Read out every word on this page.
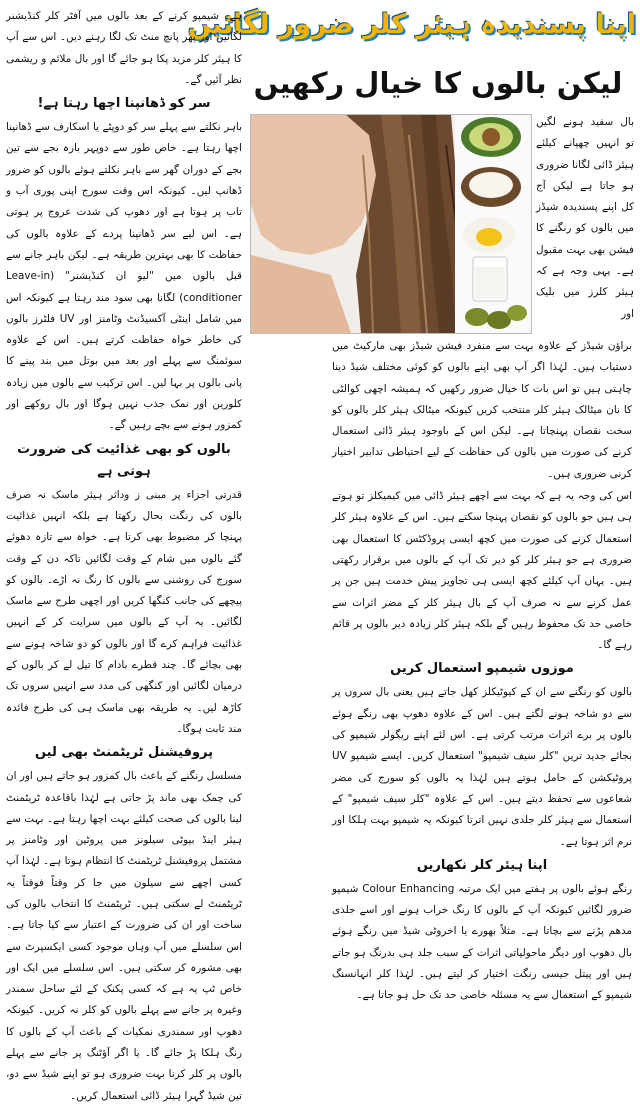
اپنا پسندیدہ ہیئر کلر ضرور لگائیں
لیکن بالوں کا خیال رکھیں
بال سفید ہونے لگیں تو انہیں چھپانے کیلئے ہیئر ڈائی لگانا ضروری ہو جاتا ہے لیکن آج کل اپنے پسندیدہ شیڈز میں بالوں کو رنگنے کا فیشن بھی بہت مقبول ہے۔ یہی وجہ ہے کہ ہیئر کلرز میں بلیک اور

براؤن شیڈز کے علاوہ بہت سے منفرد فیشن شیڈز بھی مارکیٹ میں دستیاب ہیں۔ لہٰذا اگر آپ بھی اپنے بالوں کو کوئی مختلف شیڈ دینا چاہتی ہیں تو اس بات کا خیال ضرور رکھیں کہ ہمیشہ اچھی کوالٹی کا نان میٹالک ہیئر کلر منتخب کریں کیونکہ میٹالک ہیئر کلر بالوں کو سخت نقصان پہنچاتا ہے۔ لیکن اس کے باوجود ہیئر ڈائی استعمال کرنے کی صورت میں بالوں کی حفاظت کے لیے احتیاطی تدابیر اختیار کرنی ضروری ہیں۔

اس کی وجہ یہ ہے کہ بہت سے اچھے ہیئر ڈائی میں کیمیکلز تو ہوتے ہی ہیں جو بالوں کو نقصان پہنچا سکتے ہیں۔ اس کے علاوہ ہیئر کلر استعمال کرنے کی صورت میں کچھ ایسی پروڈکٹس کا استعمال بھی ضروری ہے جو ہیئر کلر کو دیر تک آپ کے بالوں میں برقرار رکھتی ہیں۔ یہاں آپ کیلئے کچھ ایسی ہی تجاویز پیش خدمت ہیں جن پر عمل کرنے سے نہ صرف آپ کے بال ہیئر کلر کے مضر اثرات سے خاصی حد تک محفوظ رہیں گے بلکہ ہیئر کلر زیادہ دیر بالوں پر قائم رہے گا۔

موزوں شیمپو استعمال کریں

بالوں کو رنگنے سے ان کے کیوٹیکلز کھل جاتے ہیں یعنی بال سروں پر سے دو شاخہ ہونے لگتے ہیں۔ اس کے علاوہ دھوپ بھی رنگے ہوئے بالوں پر برے اثرات مرتب کرتی ہے۔ اس لئے اپنے ریگولر شیمپو کی بجائے جدید ترین "کلر سیف شیمپو" استعمال کریں۔ ایسے شیمپو UV پروٹیکشن کے حامل ہوتے ہیں لہٰذا یہ بالوں کو سورج کی مضر شعاعوں سے تحفظ دیتے ہیں۔ اس کے علاوہ "کلر سیف شیمپو" کے استعمال سے ہیئر کلر جلدی نہیں اترتا کیونکہ یہ شیمپو بہت ہلکا اور نرم اثر ہوتا ہے۔

اپنا ہیئر کلر نکھاریں

رنگے ہوئے بالوں پر ہفتے میں ایک مرتبہ Colour Enhancing شیمپو ضرور لگائیں کیونکہ آپ کے بالوں کا رنگ خراب ہونے اور اسے جلدی مدھم پڑنے سے بچاتا ہے۔ مثلاً بھورے یا اخروٹی شیڈ میں رنگے ہوئے بال دھوپ اور دیگر ماحولیاتی اثرات کے سبب جلد ہی بدرنگ ہو جاتے ہیں اور پیتل جیسی رنگت اختیار کر لیتے ہیں۔ لہٰذا کلر انہانسنگ شیمپو کے استعمال سے یہ مسئلہ خاصی حد تک حل ہو جاتا ہے۔

ہے۔ شیمپو کرنے کے بعد بالوں میں آفٹر کلر کنڈیشنر لگائیں اور پھر پانچ منٹ تک لگا رہنے دیں۔ اس سے آپ کا ہیئر کلر مزید پکا ہو جائے گا اور بال ملائم و ریشمی نظر آئیں گے۔

سر کو ڈھانپنا اچھا رہتا ہے!

باہر نکلتے سے پہلے سر کو دوپٹے یا اسکارف سے ڈھانپنا اچھا رہتا ہے۔ خاص طور سے دوپہر بارہ بجے سے تین بجے کے دوران گھر سے باہر نکلتے ہوئے بالوں کو ضرور ڈھانپ لیں۔ کیونکہ اس وقت سورج اپنی پوری آب و تاب پر ہوتا ہے اور دھوپ کی شدت عروج پر ہوتی ہے۔ اس لیے سر ڈھانپنا پردے کے علاوہ بالوں کی حفاظت کا بھی بہترین طریقہ ہے۔ لیکن باہر جانے سے قبل بالوں میں "لیو ان کنڈیشنر" (Leave-in conditioner) لگانا بھی سود مند رہتا ہے کیونکہ اس میں شامل اینٹی آکسیڈنٹ وٹامنز اور UV فلٹرز بالوں کی خاطر خواہ حفاظت کرتے ہیں۔ اس کے علاوہ سوئمنگ سے پہلے اور بعد میں بوتل میں بند پینے کا پانی بالوں پر بہا لیں۔ اس ترکیب سے بالوں میں زیادہ کلورین اور نمک جذب نہیں ہوگا اور بال روکھے اور کمزور ہونے سے بچے رہیں گے۔

بالوں کو بھی غذائیت کی ضرورت ہوتی ہے

قدرتی اجزاء پر مبنی ز وداثر ہیئر ماسک نہ صرف بالوں کی رنگت بحال رکھتا ہے بلکہ انہیں غذائیت پہنچا کر مضبوط بھی کرتا ہے۔ خواہ سے تازہ دھوئے گئے بالوں میں شام کے وقت لگائیں تاکہ دن کے وقت سورج کی روشنی سے بالوں کا رنگ نہ اڑے۔ بالوں کو پیچھے کی جانب کنگھا کریں اور اچھی طرح سے ماسک لگائیں۔ یہ آپ کے بالوں میں سرایت کر کے انہیں غذائیت فراہم کرے گا اور بالوں کو دو شاخہ ہونے سے بھی بچائے گا۔ چند قطرے بادام کا تیل لے کر بالوں کے درمیان لگائیں اور کنگھی کی مدد سے انہیں سروں تک کاڑھ لیں۔ یہ طریقہ بھی ماسک ہی کی طرح فائدہ مند ثابت ہوگا۔

پروفیشنل ٹریٹمنٹ بھی لیں

مسلسل رنگنے کے باعث بال کمزور ہو جاتے ہیں اور ان کی چمک بھی ماند پڑ جاتی ہے لہٰذا باقاعدہ ٹریٹمنٹ لینا بالوں کی صحت کیلئے بہت اچھا رہتا ہے۔ بہت سے ہیئر اینڈ بیوٹی سیلونز میں پروٹین اور وٹامنز پر مشتمل پروفیشنل ٹریٹمنٹ کا انتظام ہوتا ہے۔ لہٰذا آپ کسی اچھے سے سیلون میں جا کر وقتاً فوقتاً یہ ٹریٹمنٹ لے سکتی ہیں۔ ٹریٹمنٹ کا انتخاب بالوں کی ساخت اور ان کی ضرورت کے اعتبار سے کیا جاتا ہے۔ اس سلسلے میں آپ وہاں موجود کسی ایکسپرٹ سے بھی مشورہ کر سکتی ہیں۔ اس سلسلے میں ایک اور خاص ٹپ یہ ہے کہ کسی پکنک کے لئے ساحل سمندر وغیرہ پر جانے سے پہلے بالوں کو کلر نہ کریں۔ کیونکہ دھوپ اور سمندری نمکیات کے باعث آپ کے بالوں کا رنگ ہلکا پڑ جائے گا۔ یا اگر آؤٹنگ پر جانے سے پہلے بالوں پر کلر کرنا بہت ضروری ہو تو اپنے شیڈ سے دو، تین شیڈ گہرا ہیئر ڈائی استعمال کریں۔
